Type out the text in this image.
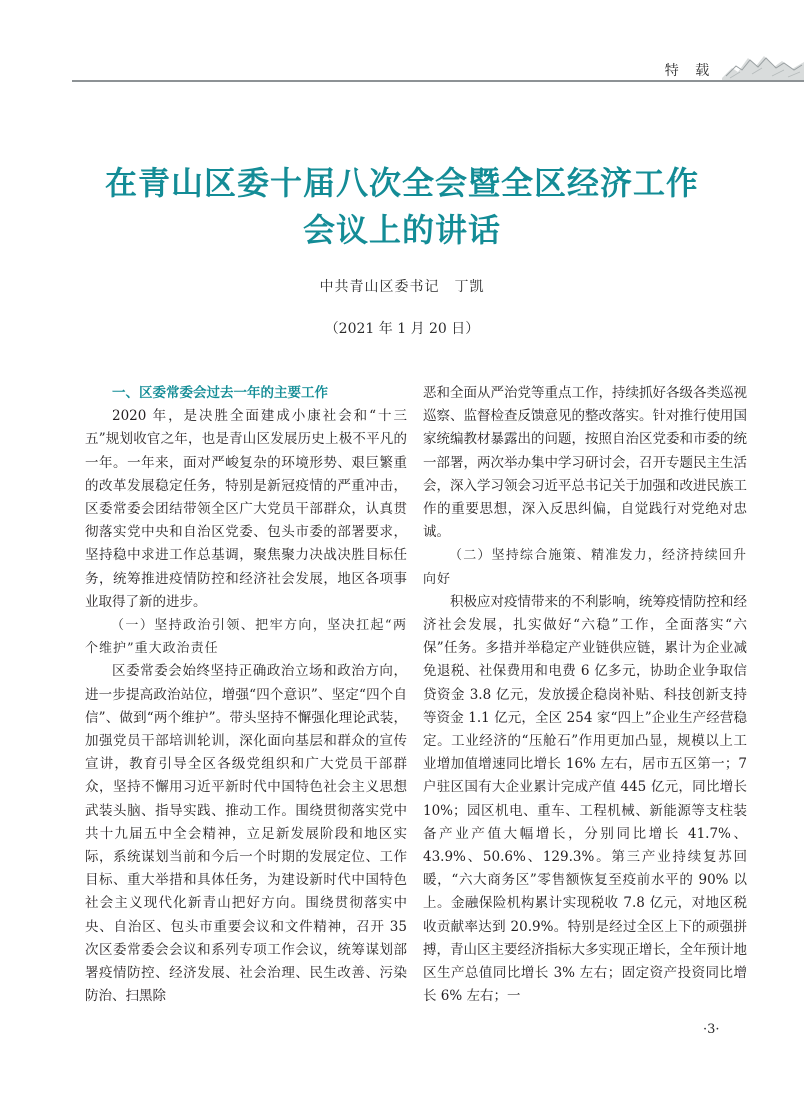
特 载
在青山区委十届八次全会暨全区经济工作
会议上的讲话
中共青山区委书记　丁凯
（2021 年 1 月 20 日）

一、区委常委会过去一年的主要工作

2020 年，是决胜全面建成小康社会和“十三五”规划收官之年，也是青山区发展历史上极不平凡的一年。一年来，面对严峻复杂的环境形势、艰巨繁重的改革发展稳定任务，特别是新冠疫情的严重冲击，区委常委会团结带领全区广大党员干部群众，认真贯彻落实党中央和自治区党委、包头市委的部署要求，坚持稳中求进工作总基调，聚焦聚力决战决胜目标任务，统筹推进疫情防控和经济社会发展，地区各项事业取得了新的进步。

（一）坚持政治引领、把牢方向，坚决扛起“两个维护”重大政治责任

区委常委会始终坚持正确政治立场和政治方向，进一步提高政治站位，增强“四个意识”、坚定“四个自信”、做到“两个维护”。带头坚持不懈强化理论武装，加强党员干部培训轮训，深化面向基层和群众的宣传宣讲，教育引导全区各级党组织和广大党员干部群众，坚持不懈用习近平新时代中国特色社会主义思想武装头脑、指导实践、推动工作。围绕贯彻落实党中共十九届五中全会精神，立足新发展阶段和地区实际，系统谋划当前和今后一个时期的发展定位、工作目标、重大举措和具体任务，为建设新时代中国特色社会主义现代化新青山把好方向。围绕贯彻落实中央、自治区、包头市重要会议和文件精神，召开 35 次区委常委会会议和系列专项工作会议，统筹谋划部署疫情防控、经济发展、社会治理、民生改善、污染防治、扫黑除

恶和全面从严治党等重点工作，持续抓好各级各类巡视巡察、监督检查反馈意见的整改落实。针对推行使用国家统编教材暴露出的问题，按照自治区党委和市委的统一部署，两次举办集中学习研讨会，召开专题民主生活会，深入学习领会习近平总书记关于加强和改进民族工作的重要思想，深入反思纠偏，自觉践行对党绝对忠诚。

（二）坚持综合施策、精准发力，经济持续回升向好

积极应对疫情带来的不利影响，统筹疫情防控和经济社会发展，扎实做好“六稳”工作，全面落实“六保”任务。多措并举稳定产业链供应链，累计为企业减免退税、社保费用和电费 6 亿多元，协助企业争取信贷资金 3.8 亿元，发放援企稳岗补贴、科技创新支持等资金 1.1 亿元，全区 254 家“四上”企业生产经营稳定。工业经济的“压舱石”作用更加凸显，规模以上工业增加值增速同比增长 16% 左右，居市五区第一；7 户驻区国有大企业累计完成产值 445 亿元，同比增长 10%；园区机电、重车、工程机械、新能源等支柱装备产业产值大幅增长，分别同比增长 41.7%、43.9%、50.6%、129.3%。第三产业持续复苏回暖，“六大商务区”零售额恢复至疫前水平的 90% 以上。金融保险机构累计实现税收 7.8 亿元，对地区税收贡献率达到 20.9%。特别是经过全区上下的顽强拼搏，青山区主要经济指标大多实现正增长，全年预计地区生产总值同比增长 3% 左右；固定资产投资同比增长 6% 左右；一

·3·
